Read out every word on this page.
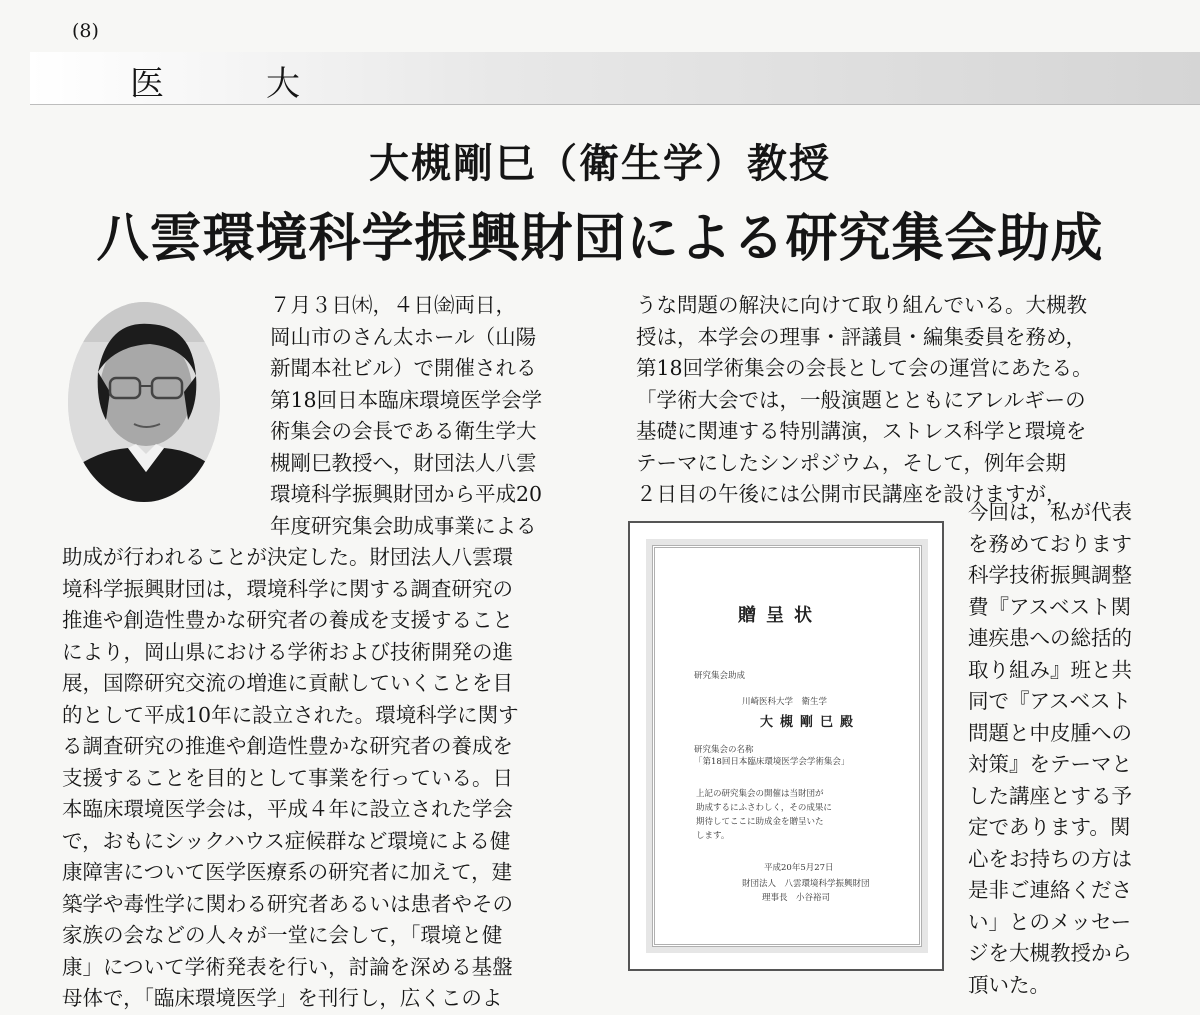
(8)
医	大
大槻剛巳（衛生学）教授
八雲環境科学振興財団による研究集会助成
７月３日㈭，４日㈮両日，
岡山市のさん太ホール（山陽
新聞本社ビル）で開催される
第18回日本臨床環境医学会学
術集会の会長である衛生学大
槻剛巳教授へ，財団法人八雲
環境科学振興財団から平成20
年度研究集会助成事業による
助成が行われることが決定した。財団法人八雲環
境科学振興財団は，環境科学に関する調査研究の
推進や創造性豊かな研究者の養成を支援すること
により，岡山県における学術および技術開発の進
展，国際研究交流の増進に貢献していくことを目
的として平成10年に設立された。環境科学に関す
る調査研究の推進や創造性豊かな研究者の養成を
支援することを目的として事業を行っている。日
本臨床環境医学会は，平成４年に設立された学会
で，おもにシックハウス症候群など環境による健
康障害について医学医療系の研究者に加えて，建
築学や毒性学に関わる研究者あるいは患者やその
家族の会などの人々が一堂に会して，「環境と健
康」について学術発表を行い，討論を深める基盤
母体で，「臨床環境医学」を刊行し，広くこのよ
うな問題の解決に向けて取り組んでいる。大槻教
授は，本学会の理事・評議員・編集委員を務め，
第18回学術集会の会長として会の運営にあたる。
「学術大会では，一般演題とともにアレルギーの
基礎に関連する特別講演，ストレス科学と環境を
テーマにしたシンポジウム，そして，例年会期
２日目の午後には公開市民講座を設けますが，
今回は，私が代表
を務めております
科学技術振興調整
費『アスベスト関
連疾患への総括的
取り組み』班と共
同で『アスベスト
問題と中皮腫への
対策』をテーマと
した講座とする予
定であります。関
心をお持ちの方は
是非ご連絡くださ
い」とのメッセー
ジを大槻教授から
頂いた。
贈呈状
研究集会助成
川崎医科大学　衛生学
大槻剛巳殿
研究集会の名称
「第18回日本臨床環境医学会学術集会」
上記の研究集会の開催は当財団が
助成するにふさわしく，その成果に
期待してここに助成金を贈呈いた
します。
平成20年5月27日
財団法人　八雲環境科学振興財団
理事長　小谷裕司
